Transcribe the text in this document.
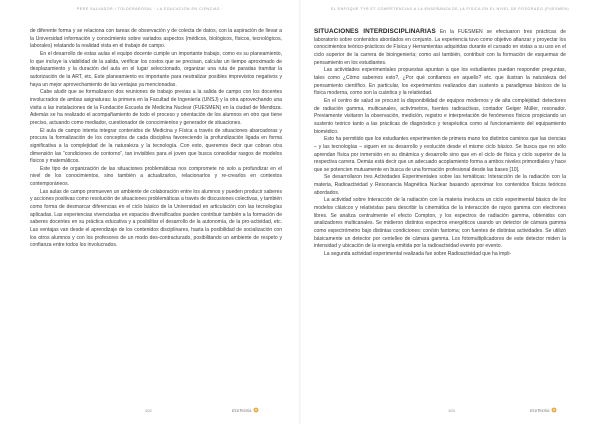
PERE SALVADOR I TOLDERAROSAL · LA EDUCACIÓN EN CIENCIAS ·

de diferente forma y se relaciona con tareas de observación y de colecta de datos, con la aspiración de llevar a la Universidad información y conocimiento sobre variados aspectos (médicos, biológicos, físicos, tecnológicos, laborales) relatando la realidad vista en el trabajo de campo.

En el desarrollo de estas aulas el equipo docente cumple un importante trabajo, como es su planeamiento, lo que incluye la viabilidad de la salida, verificar los costos que se precisan, calcular un tiempo aproximado de desplazamiento y la duración del aula en el lugar seleccionado, organizar una ruta de paradas tramitar la autorización de la ART, etc. Este planeamiento es importante para neutralizar posibles imprevistos negativos y haya un mejor aprovechamiento de las ventajas ya mencionadas.

Cabe aludir que se formalizaron dos reuniones de trabajo previas a la salida de campo con los docentes involucrados de ambas asignaturas: la primera en la Facultad de Ingeniería (UNSJ) y la otra aprovechando una visita a las instalaciones de la Fundación Escuela de Medicina Nuclear (FUESMEN) en la ciudad de Mendoza. Además se ha realizado el acompañamiento de todo el proceso y orientación de los alumnos en otro que tiene preciso, actuando como mediador, cuestionador de conocimientos y generador de situaciones.

El aula de campo intenta integrar contenidos de Medicina y Física a través de situaciones abarcadoras y procura la formalización de los conceptos de cada disciplina favoreciendo la profundización ligada en forma significativa a la complejidad de la naturaleza y la tecnología. Con esto, queremos decir que cobran otra dimensión las “condiciones de contorno”, tan invisibles para el joven que busca consolidar rasgos de modelos físicos y matemáticos.

Este tipo de organización de las situaciones problemáticas nos compromete no solo a profundizar en el nivel de los conocimientos, sino también a actualizarlos, relacionarlos y re-crearlos en contextos contemporáneos.

Las aulas de campo promueven un ambiente de colaboración entre los alumnos y pueden producir saberes y acciones positivas como resolución de situaciones problemáticas a través de discusiones colectivas, y también como forma de desmarcar diferencias en el ciclo básico de la Universidad en articulación con las tecnologías aplicadas. Las experiencias vivenciadas en espacios diversificados pueden contribuir también a la formación de saberes docentes en su práctica educativa y a posibilitar el desarrollo de la autonomía, de la pro-actividad, etc. Las ventajas van desde el aprendizaje de los contenidos disciplinares, hasta la posibilidad de socialización con los otros alumnos y con los profesores de un modo des-contracturado, posibilitando un ambiente de respeto y confianza entre todos los involucrados.

102	EcoTecnia
EL ENFOQUE TYR ET COMPETENCIAS A LA ENSEÑANZA DE LA FÍSICA EN EL NIVEL DE POSGRADO (FUESMEN)

SITUACIONES INTERDISCIPLINARIAS En la FUESMEN se efectuaron tres prácticas de laboratorio sobre contenidos abordados en conjunto. La experiencia tuvo como objetivo afianzar y proyectar los conocimientos teórico-prácticos de Física y Herramientas adquiridas durante el cursado en vistas a su uso en el ciclo superior de la carrera de bioingeniería; como así también, contribuir con la formación de esquemas de pensamiento en los estudiantes.

Las actividades experimentales propuestas apuntan a que los estudiantes puedan responder preguntas, tales como ¿Cómo sabemos esto?, ¿Por qué confiamos en aquello? etc. que ilustran la naturaleza del pensamiento científico. En particular, los experimentos realizados dan sustento a paradigmas básicos de la física moderna, como son la cuántica y la relatividad.

En el centro de salud se procuró la disponibilidad de equipos modernos y de alta complejidad: detectores de radiación gamma, multicanales, activímetros, fuentes radioactivas, contador Geiger Müller, resonador. Previamente visitaron la observación, medición, registro e interpretación de fenómenos físicos propiciando un sustento teórico tanto a las prácticas de diagnóstico y terapéutica como al funcionamiento del equipamiento biomédico.

Esto ha permitido que los estudiantes experimenten de primera mano los distintos caminos que las ciencias – y las tecnologías – siguen en su desarrollo y evolución desde el mismo ciclo básico. Se busca que no sólo aprendan física por inmersión en su dinámica y desarrollo sino que en el ciclo de física y ciclo superior de la respectiva carrera. Demás está decir que un adecuado acoplamiento forma a ambos niveles primordiales y hace que se potencien mutuamente en busca de una formación profesional desde las bases [10].

Se desarrollaron tres Actividades Experimentales sobre las temáticas: Interacción de la radiación con la materia, Radioactividad y Resonancia Magnética Nuclear basando aproximar los contenidos físicos teóricos abordados.

La actividad sobre Interacción de la radiación con la materia involucra un ciclo experimental básico de los modelos clásicos y relativistas para describir la cinemática de la interacción de rayos gamma con electrones libres. Se analiza centralmente el efecto Compton, y los espectros de radiación gamma, obtenidos con analizadores multicanales. Se midieron distintos espectros energéticos usando un detector de cámara gamma como espectrómetro bajo distintas condiciones: con/sin fantoma; con fuentes de distintas actividades. Se utilizó básicamente un detector por centelleo de cámara gamma. Los fotomultiplicadores de este detector miden la intensidad y ubicación de la energía emitida por la radioactividad evento por evento.

La segunda actividad experimental realizada fue sobre Radioactividad que ha impli-

103	EcoTecnia
